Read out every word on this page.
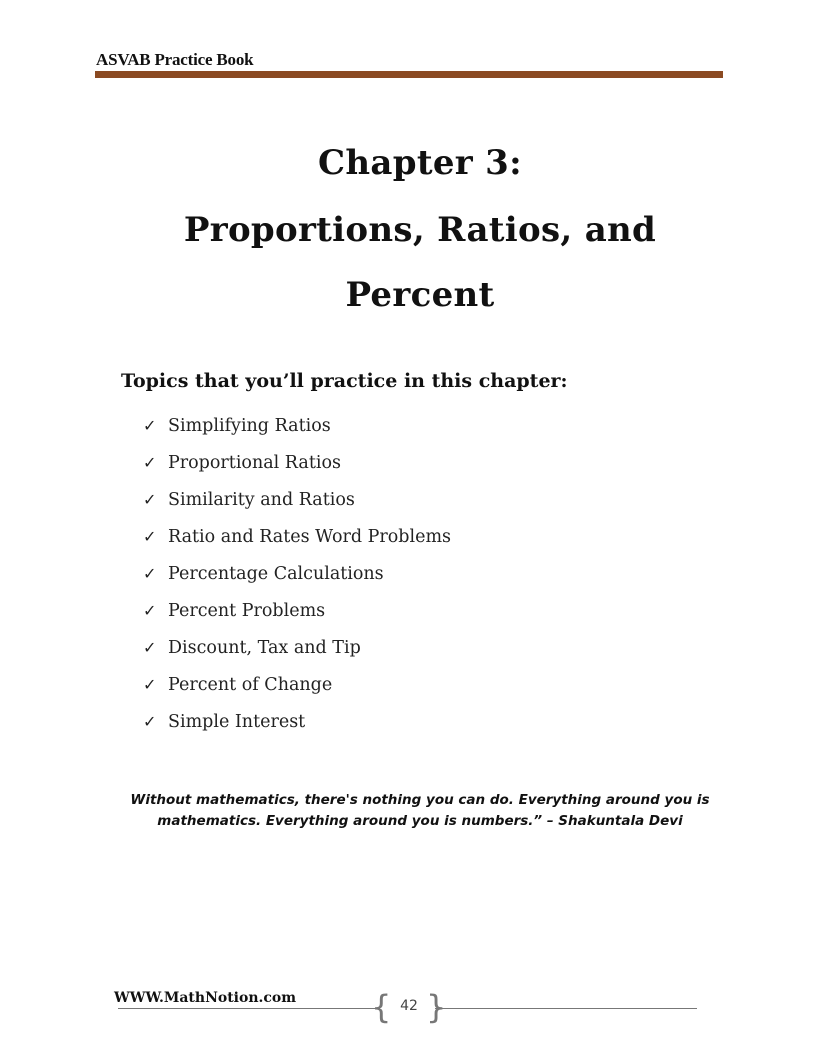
ASVAB Practice Book
Chapter 3:
Proportions, Ratios, and
Percent
Topics that you’ll practice in this chapter:
✓ Simplifying Ratios
✓ Proportional Ratios
✓ Similarity and Ratios
✓ Ratio and Rates Word Problems
✓ Percentage Calculations
✓ Percent Problems
✓ Discount, Tax and Tip
✓ Percent of Change
✓ Simple Interest
Without mathematics, there's nothing you can do. Everything around you is
mathematics. Everything around you is numbers.” – Shakuntala Devi
WWW.MathNotion.com { 42 }
